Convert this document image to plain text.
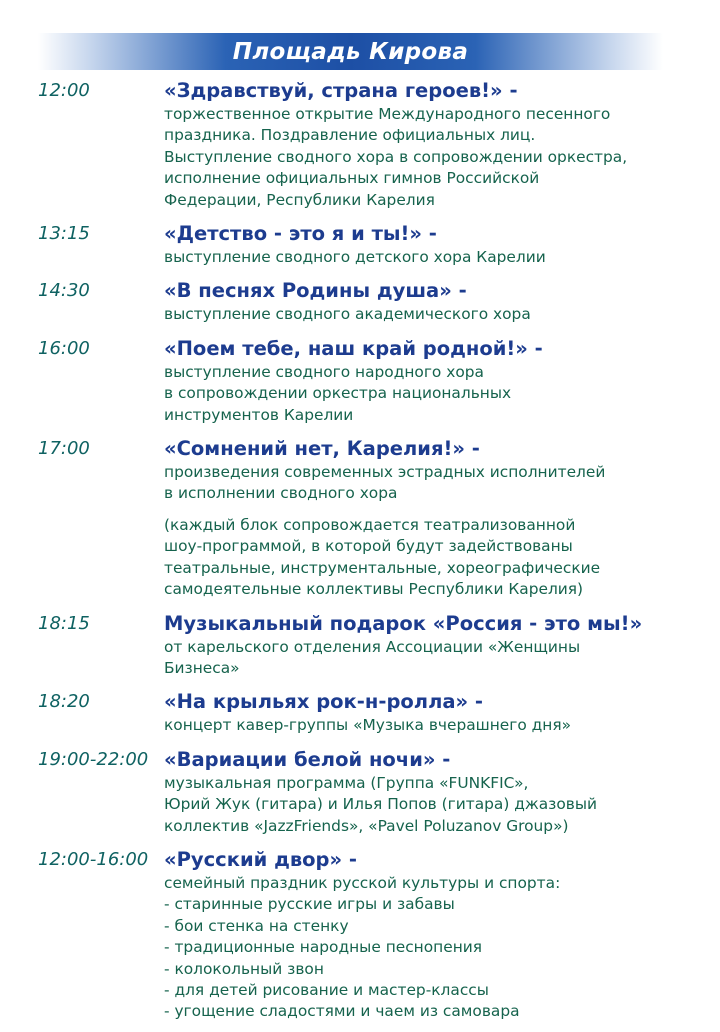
Площадь Кирова
12:00	«Здравствуй, страна героев!» -
торжественное открытие Международного песенного
праздника. Поздравление официальных лиц.
Выступление сводного хора в сопровождении оркестра,
исполнение официальных гимнов Российской
Федерации, Республики Карелия
13:15	«Детство - это я и ты!» -
выступление сводного детского хора Карелии
14:30	«В песнях Родины душа» -
выступление сводного академического хора
16:00	«Поем тебе, наш край родной!» -
выступление сводного народного хора
в сопровождении оркестра национальных
инструментов Карелии
17:00	«Сомнений нет, Карелия!» -
произведения современных эстрадных исполнителей
в исполнении сводного хора
(каждый блок сопровождается театрализованной
шоу-программой, в которой будут задействованы
театральные, инструментальные, хореографические
самодеятельные коллективы Республики Карелия)
18:15	Музыкальный подарок «Россия - это мы!»
от карельского отделения Ассоциации «Женщины
Бизнеса»
18:20	«На крыльях рок-н-ролла» -
концерт кавер-группы «Музыка вчерашнего дня»
19:00-22:00 «Вариации белой ночи» -
музыкальная программа (Группа «FUNKFIC»,
Юрий Жук (гитара) и Илья Попов (гитара) джазовый
коллектив «JazzFriends», «Pavel Poluzanov Group»)
12:00-16:00 «Русский двор» -
семейный праздник русской культуры и спорта:
- старинные русские игры и забавы
- бои стенка на стенку
- традиционные народные песнопения
- колокольный звон
- для детей рисование и мастер-классы
- угощение сладостями и чаем из самовара
